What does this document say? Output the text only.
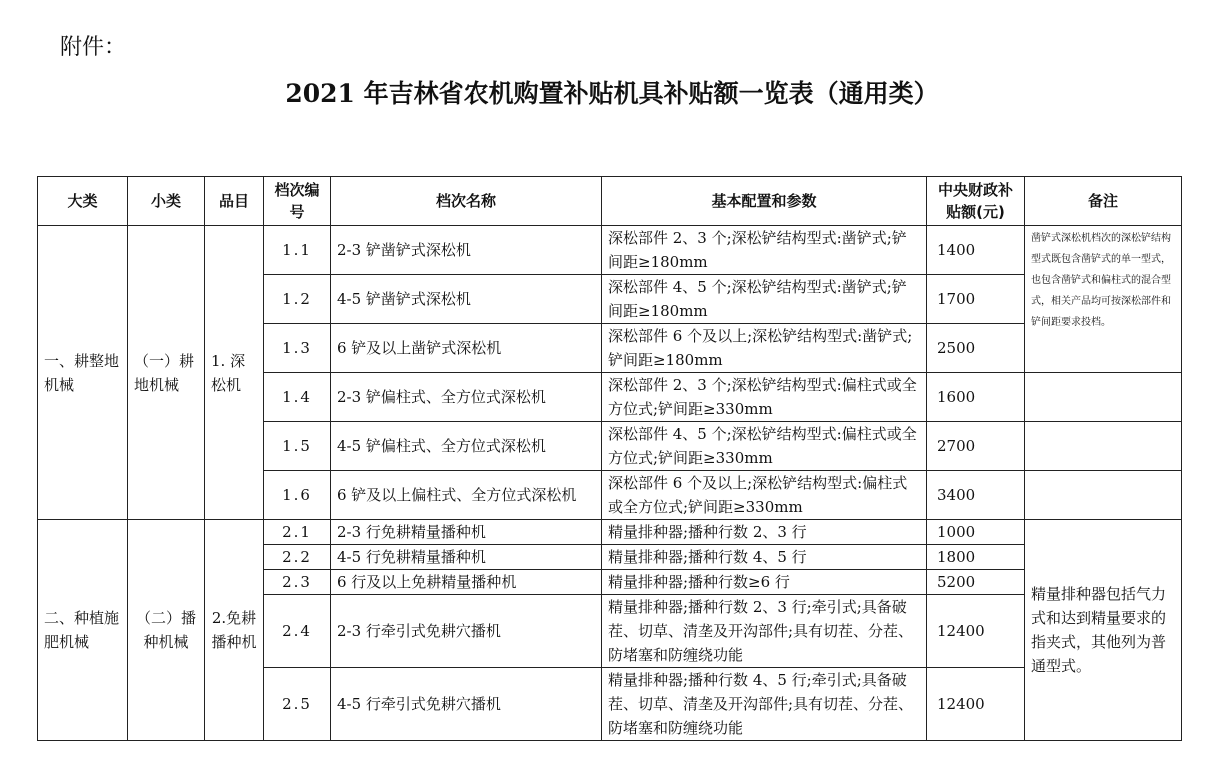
附件：
2021 年吉林省农机购置补贴机具补贴额一览表（通用类）
大类	小类	品目	档次编号	档次名称	基本配置和参数	中央财政补贴额(元)	备注
一、耕整地机械	（一）耕地机械	1. 深松机	1.1	2-3 铲凿铲式深松机	深松部件 2、3 个;深松铲结构型式:凿铲式;铲间距≥180mm	1400	凿铲式深松机档次的深松铲结构型式既包含凿铲式的单一型式，也包含凿铲式和偏柱式的混合型式，相关产品均可按深松部件和铲间距要求投档。
			1.2	4-5 铲凿铲式深松机	深松部件 4、5 个;深松铲结构型式:凿铲式;铲间距≥180mm	1700	
			1.3	6 铲及以上凿铲式深松机	深松部件 6 个及以上;深松铲结构型式:凿铲式;铲间距≥180mm	2500	
			1.4	2-3 铲偏柱式、全方位式深松机	深松部件 2、3 个;深松铲结构型式:偏柱式或全方位式;铲间距≥330mm	1600	
			1.5	4-5 铲偏柱式、全方位式深松机	深松部件 4、5 个;深松铲结构型式:偏柱式或全方位式;铲间距≥330mm	2700	
			1.6	6 铲及以上偏柱式、全方位式深松机	深松部件 6 个及以上;深松铲结构型式:偏柱式或全方位式;铲间距≥330mm	3400	
二、种植施肥机械	（二）播种机械	2.免耕播种机	2.1	2-3 行免耕精量播种机	精量排种器;播种行数 2、3 行	1000	精量排种器包括气力式和达到精量要求的指夹式，其他列为普通型式。
			2.2	4-5 行免耕精量播种机	精量排种器;播种行数 4、5 行	1800	
			2.3	6 行及以上免耕精量播种机	精量排种器;播种行数≥6 行	5200	
			2.4	2-3 行牵引式免耕穴播机	精量排种器;播种行数 2、3 行;牵引式;具备破茬、切草、清垄及开沟部件;具有切茬、分茬、防堵塞和防缠绕功能	12400	
			2.5	4-5 行牵引式免耕穴播机	精量排种器;播种行数 4、5 行;牵引式;具备破茬、切草、清垄及开沟部件;具有切茬、分茬、防堵塞和防缠绕功能	12400	
